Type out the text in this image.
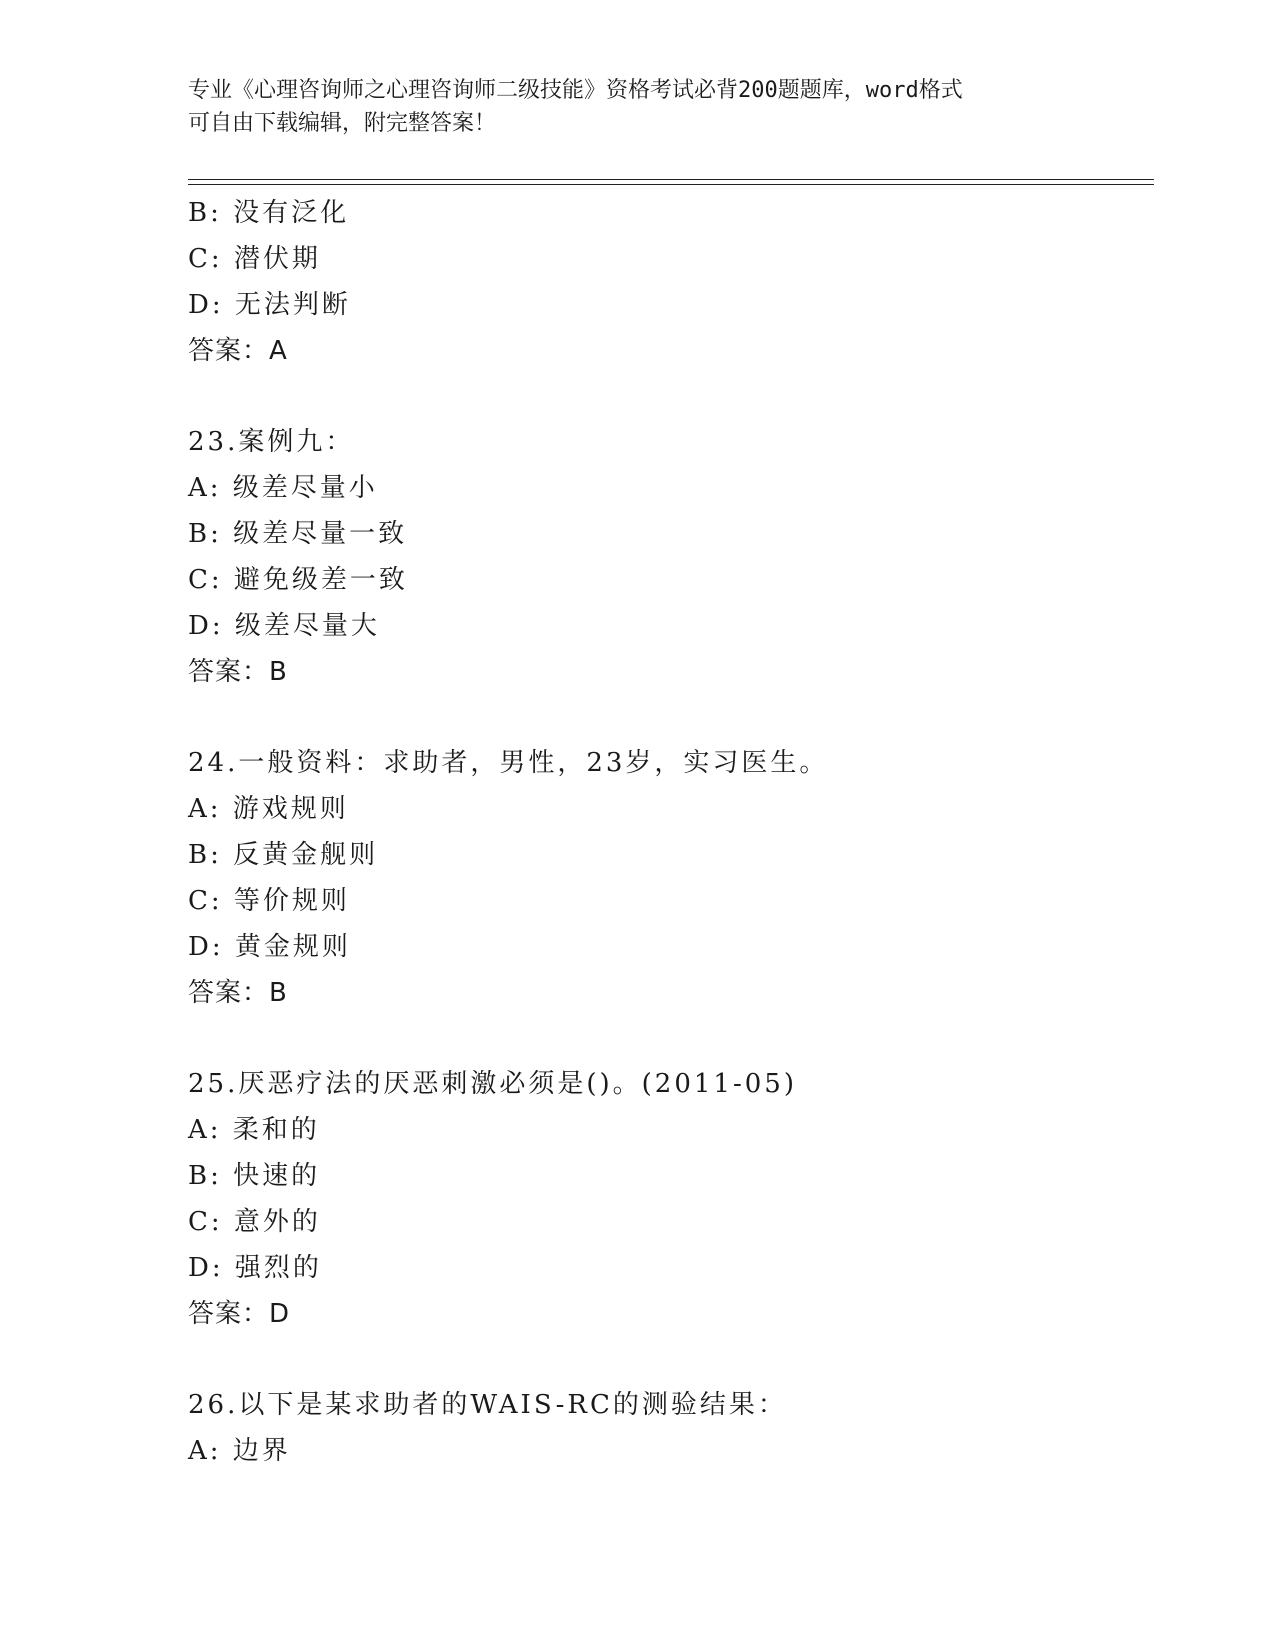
专业《心理咨询师之心理咨询师二级技能》资格考试必背200题题库，word格式
可自由下载编辑，附完整答案！
B: 没有泛化
C: 潜伏期
D: 无法判断
答案：A
23.案例九：
A: 级差尽量小
B: 级差尽量一致
C: 避免级差一致
D: 级差尽量大
答案：B
24.一般资料：求助者，男性，23岁，实习医生。
A: 游戏规则
B: 反黄金舰则
C: 等价规则
D: 黄金规则
答案：B
25.厌恶疗法的厌恶刺激必须是()。(2011-05)
A: 柔和的
B: 快速的
C: 意外的
D: 强烈的
答案：D
26.以下是某求助者的WAIS-RC的测验结果：
A: 边界
